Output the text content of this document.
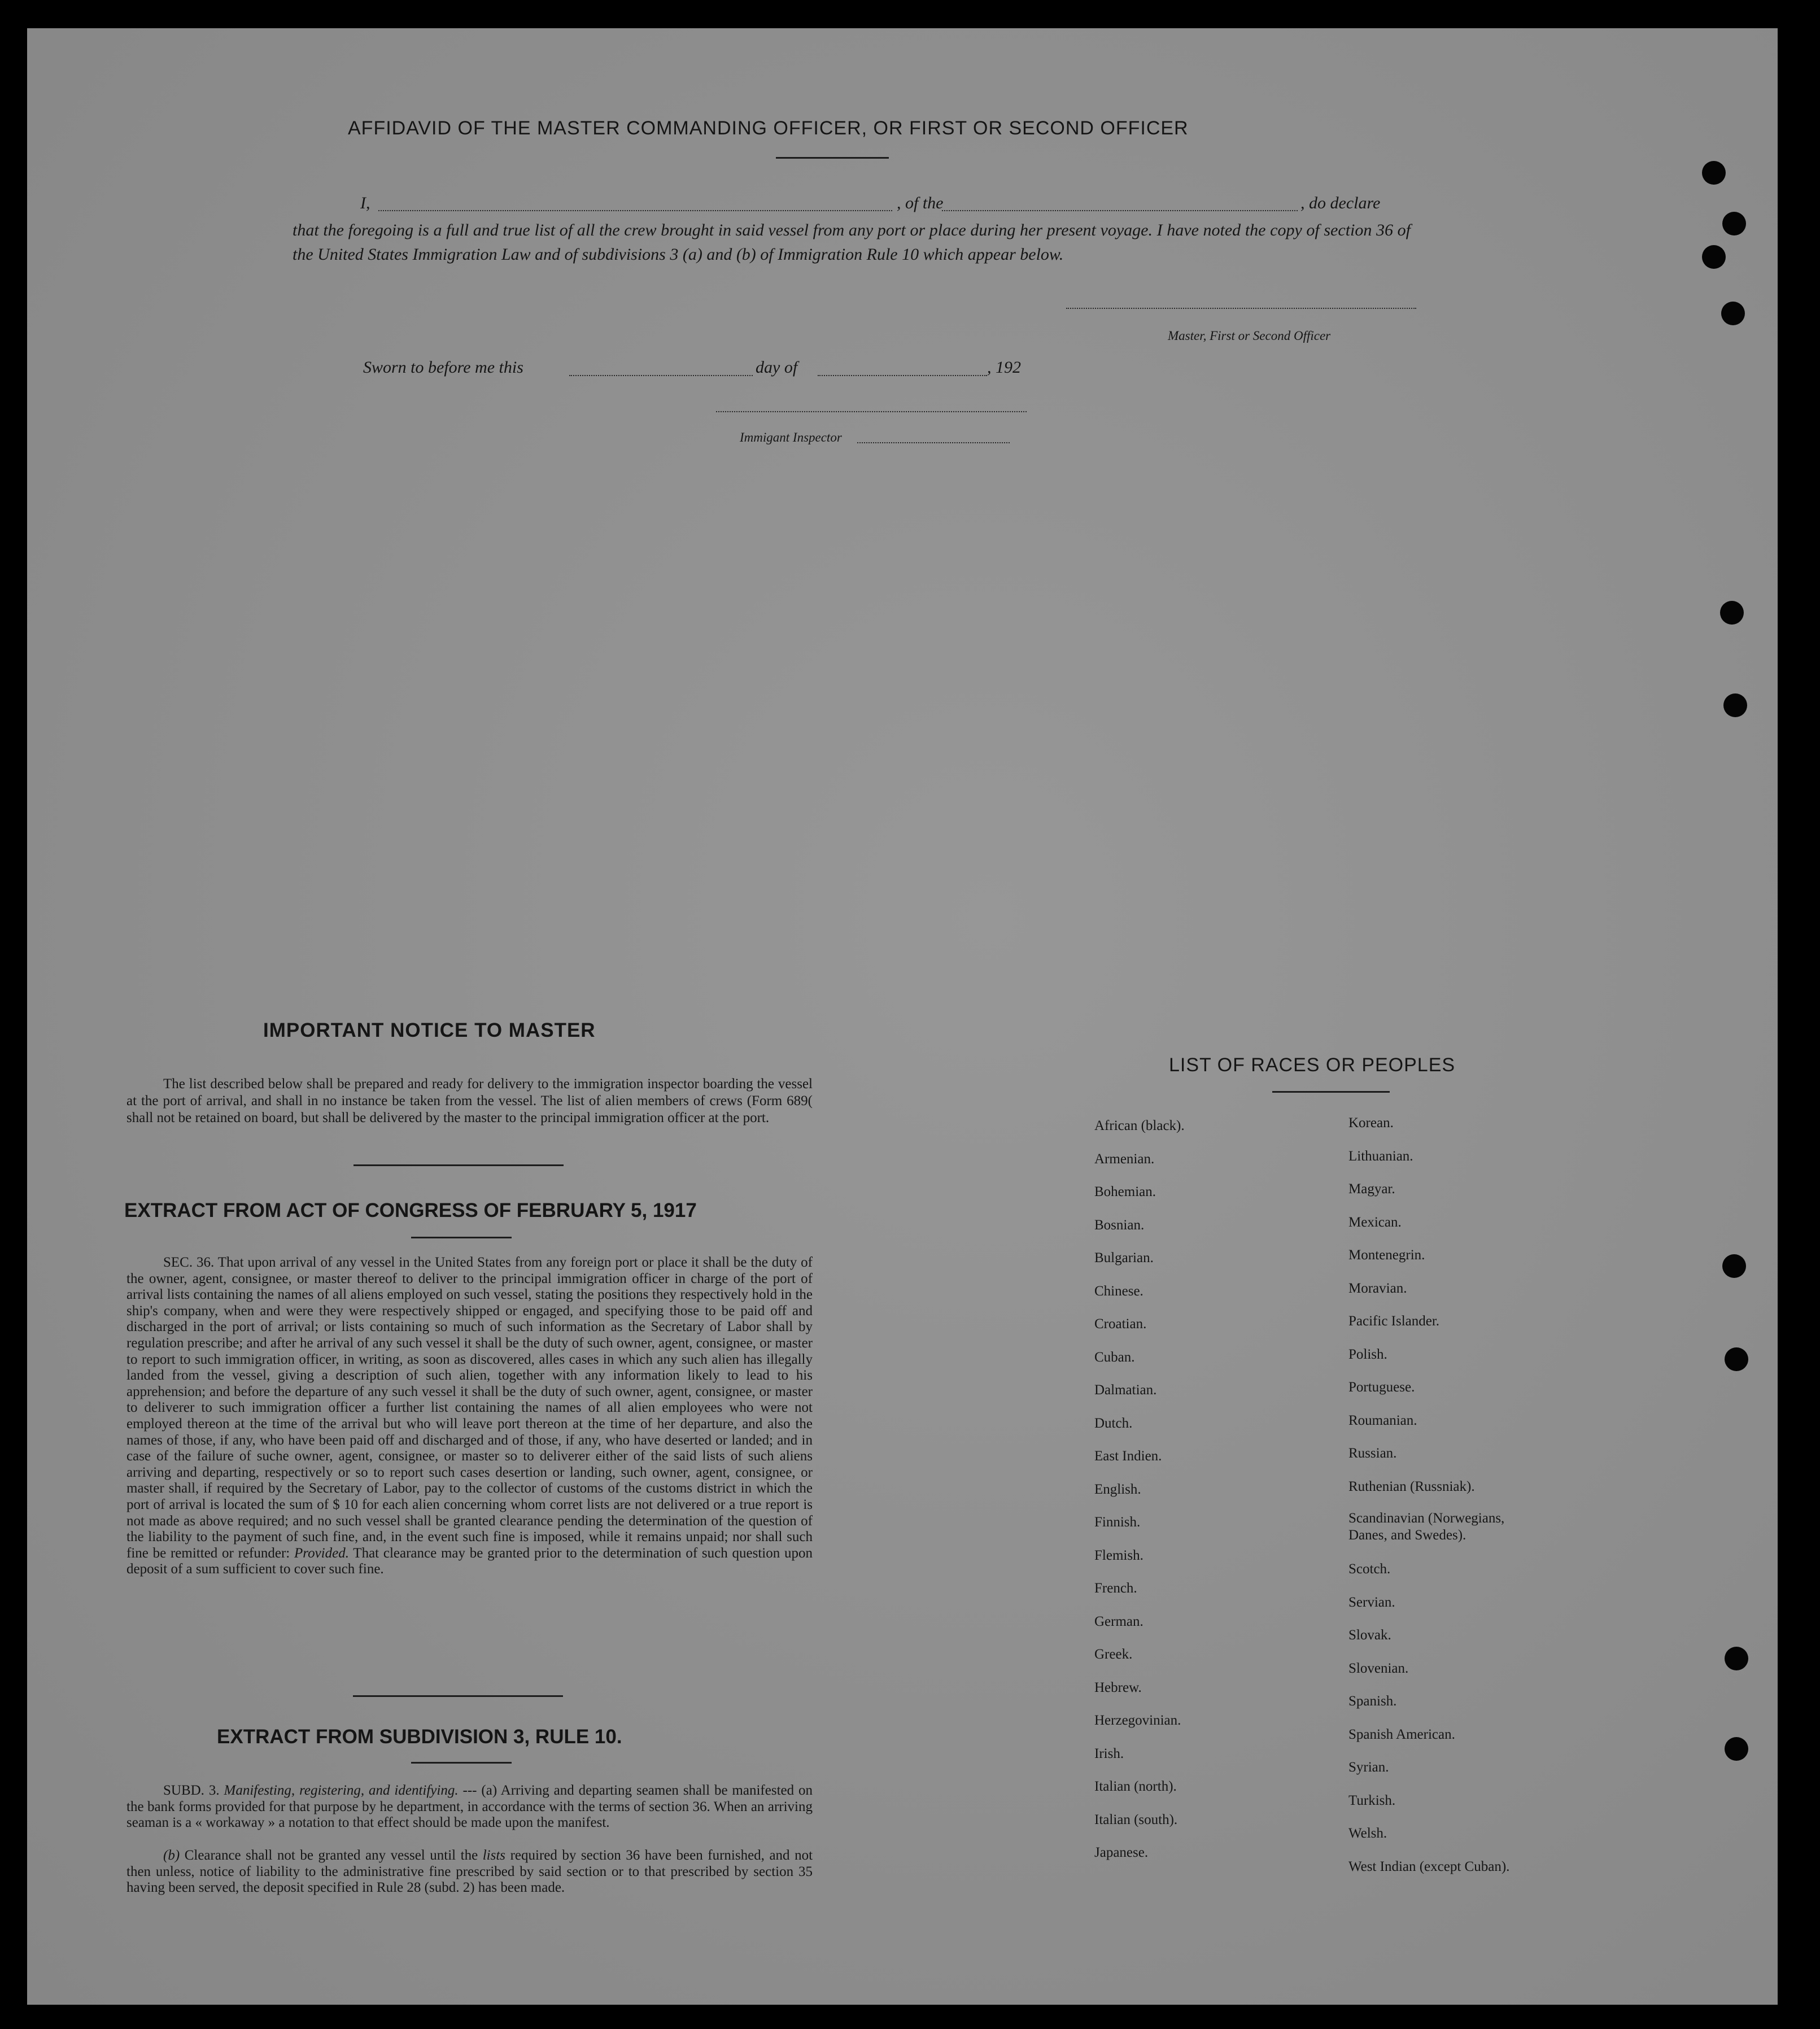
AFFIDAVID OF THE MASTER COMMANDING OFFICER, OR FIRST OR SECOND OFFICER
I,	, of the	, do declare
that the foregoing is a full and true list of all the crew brought in said vessel from any port or place during her present voyage. I have noted the copy of section 36 of the United States Immigration Law and of subdivisions 3 (a) and (b) of Immigration Rule 10 which appear below.
Master, First or Second Officer
Sworn to before me this	day of	, 192
Immigant Inspector
IMPORTANT NOTICE TO MASTER
The list described below shall be prepared and ready for delivery to the immigration inspector boarding the vessel at the port of arrival, and shall in no instance be taken from the vessel. The list of alien members of crews (Form 689( shall not be retained on board, but shall be delivered by the master to the principal immigration officer at the port.
EXTRACT FROM ACT OF CONGRESS OF FEBRUARY 5, 1917
SEC. 36. That upon arrival of any vessel in the United States from any foreign port or place it shall be the duty of the owner, agent, consignee, or master thereof to deliver to the principal immigration officer in charge of the port of arrival lists containing the names of all aliens employed on such vessel, stating the positions they respectively hold in the ship's company, when and were they were respectively shipped or engaged, and specifying those to be paid off and discharged in the port of arrival; or lists containing so much of such information as the Secretary of Labor shall by regulation prescribe; and after he arrival of any such vessel it shall be the duty of such owner, agent, consignee, or master to report to such immigration officer, in writing, as soon as discovered, alles cases in which any such alien has illegally landed from the vessel, giving a description of such alien, together with any information likely to lead to his apprehension; and before the departure of any such vessel it shall be the duty of such owner, agent, consignee, or master to deliverer to such immigration officer a further list containing the names of all alien employees who were not employed thereon at the time of the arrival but who will leave port thereon at the time of her departure, and also the names of those, if any, who have been paid off and discharged and of those, if any, who have deserted or landed; and in case of the failure of suche owner, agent, consignee, or master so to deliverer either of the said lists of such aliens arriving and departing, respectively or so to report such cases desertion or landing, such owner, agent, consignee, or master shall, if required by the Secretary of Labor, pay to the collector of customs of the customs district in which the port of arrival is located the sum of $ 10 for each alien concerning whom corret lists are not delivered or a true report is not made as above required; and no such vessel shall be granted clearance pending the determination of the question of the liability to the payment of such fine, and, in the event such fine is imposed, while it remains unpaid; nor shall such fine be remitted or refunder: Provided. That clearance may be granted prior to the determination of such question upon deposit of a sum sufficient to cover such fine.
EXTRACT FROM SUBDIVISION 3, RULE 10.
SUBD. 3. Manifesting, registering, and identifying. --- (a) Arriving and departing seamen shall be manifested on the bank forms provided for that purpose by he department, in accordance with the terms of section 36. When an arriving seaman is a « workaway » a notation to that effect should be made upon the manifest.
(b) Clearance shall not be granted any vessel until the lists required by section 36 have been furnished, and not then unless, notice of liability to the administrative fine prescribed by said section or to that prescribed by section 35 having been served, the deposit specified in Rule 28 (subd. 2) has been made.
LIST OF RACES OR PEOPLES
African (black).
Armenian.
Bohemian.
Bosnian.
Bulgarian.
Chinese.
Croatian.
Cuban.
Dalmatian.
Dutch.
East Indien.
English.
Finnish.
Flemish.
French.
German.
Greek.
Hebrew.
Herzegovinian.
Irish.
Italian (north).
Italian (south).
Japanese.
Korean.
Lithuanian.
Magyar.
Mexican.
Montenegrin.
Moravian.
Pacific Islander.
Polish.
Portuguese.
Roumanian.
Russian.
Ruthenian (Russniak).
Scandinavian (Norwegians,
Danes, and Swedes).
Scotch.
Servian.
Slovak.
Slovenian.
Spanish.
Spanish American.
Syrian.
Turkish.
Welsh.
West Indian (except Cuban).
